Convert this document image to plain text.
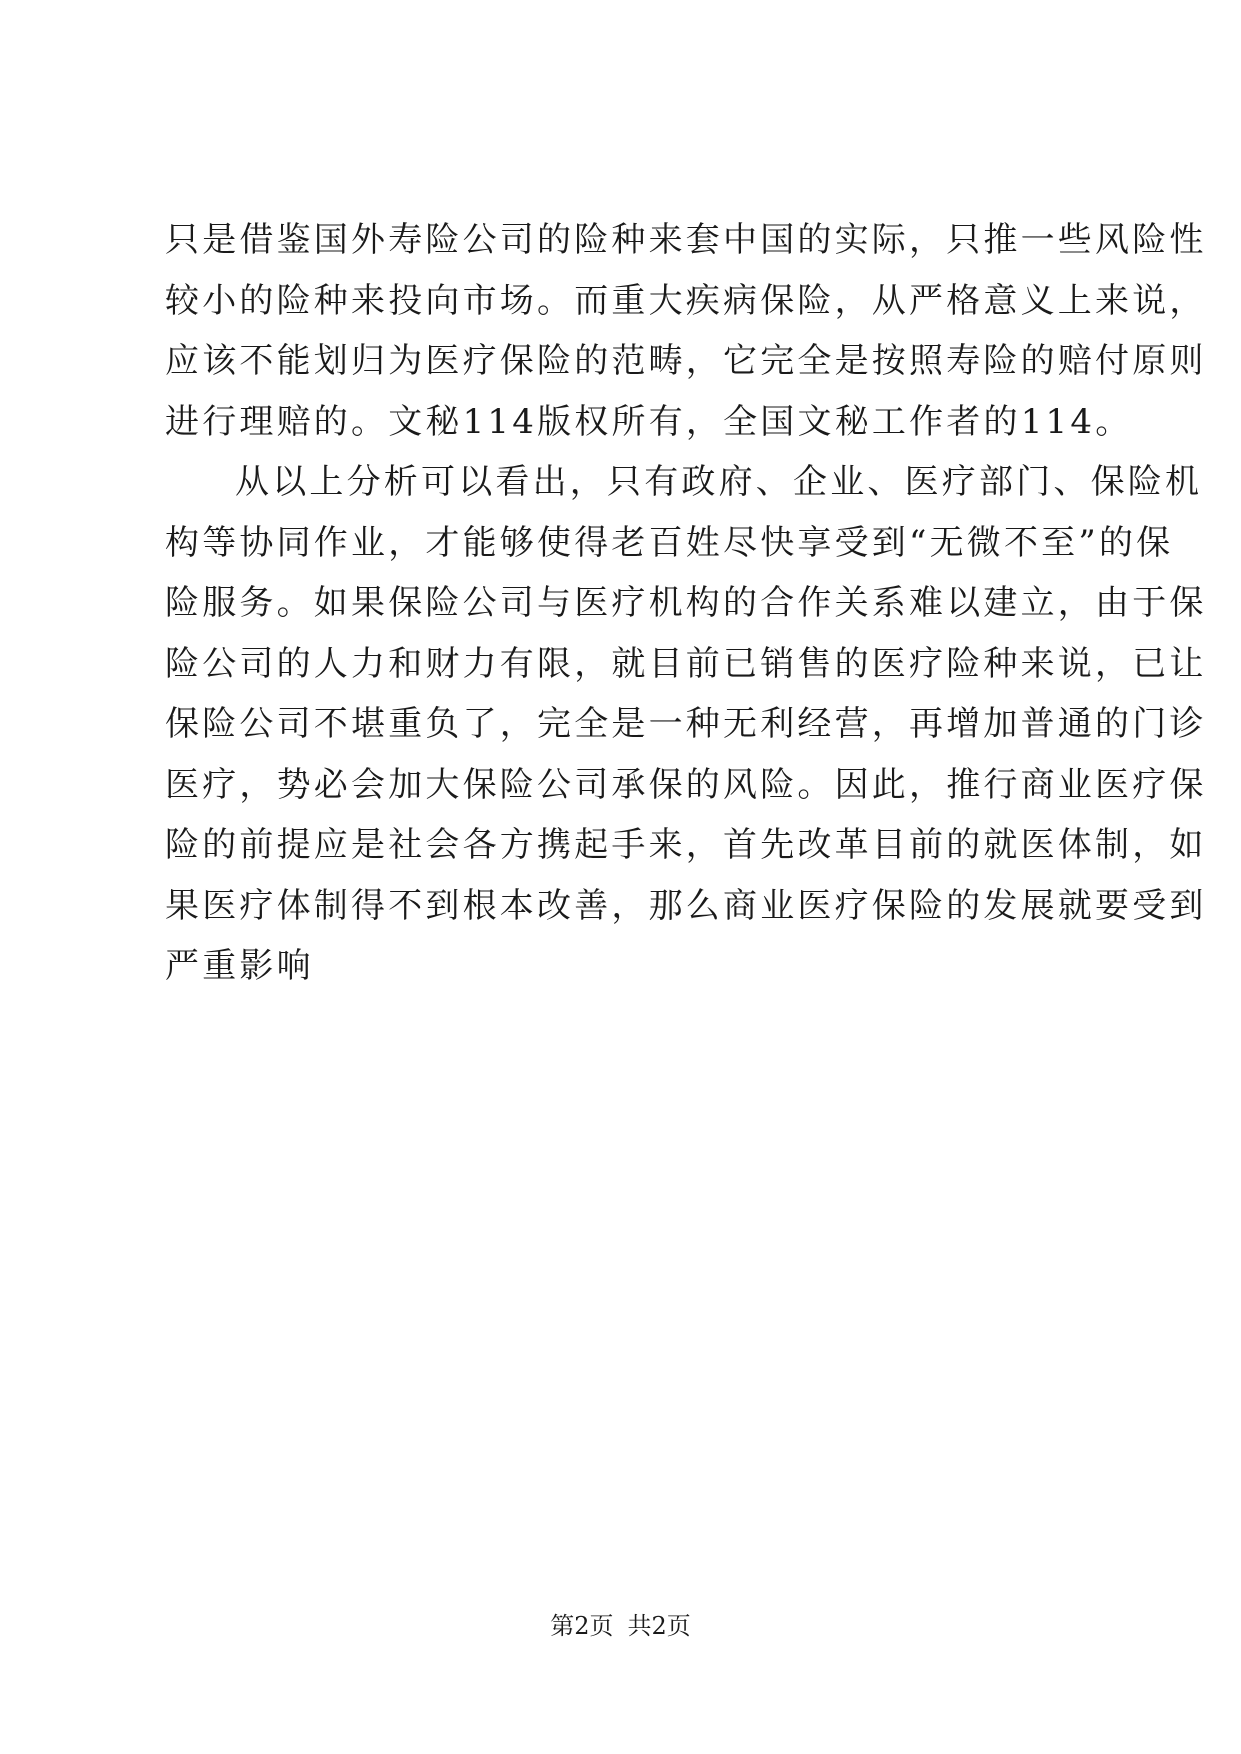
只是借鉴国外寿险公司的险种来套中国的实际，只推一些风险性
较小的险种来投向市场。而重大疾病保险，从严格意义上来说，
应该不能划归为医疗保险的范畴，它完全是按照寿险的赔付原则
进行理赔的。文秘114版权所有，全国文秘工作者的114。
从以上分析可以看出，只有政府、企业、医疗部门、保险机
构等协同作业，才能够使得老百姓尽快享受到“无微不至”的保
险服务。如果保险公司与医疗机构的合作关系难以建立，由于保
险公司的人力和财力有限，就目前已销售的医疗险种来说，已让
保险公司不堪重负了，完全是一种无利经营，再增加普通的门诊
医疗，势必会加大保险公司承保的风险。因此，推行商业医疗保
险的前提应是社会各方携起手来，首先改革目前的就医体制，如
果医疗体制得不到根本改善，那么商业医疗保险的发展就要受到
严重影响
第2页 共2页
